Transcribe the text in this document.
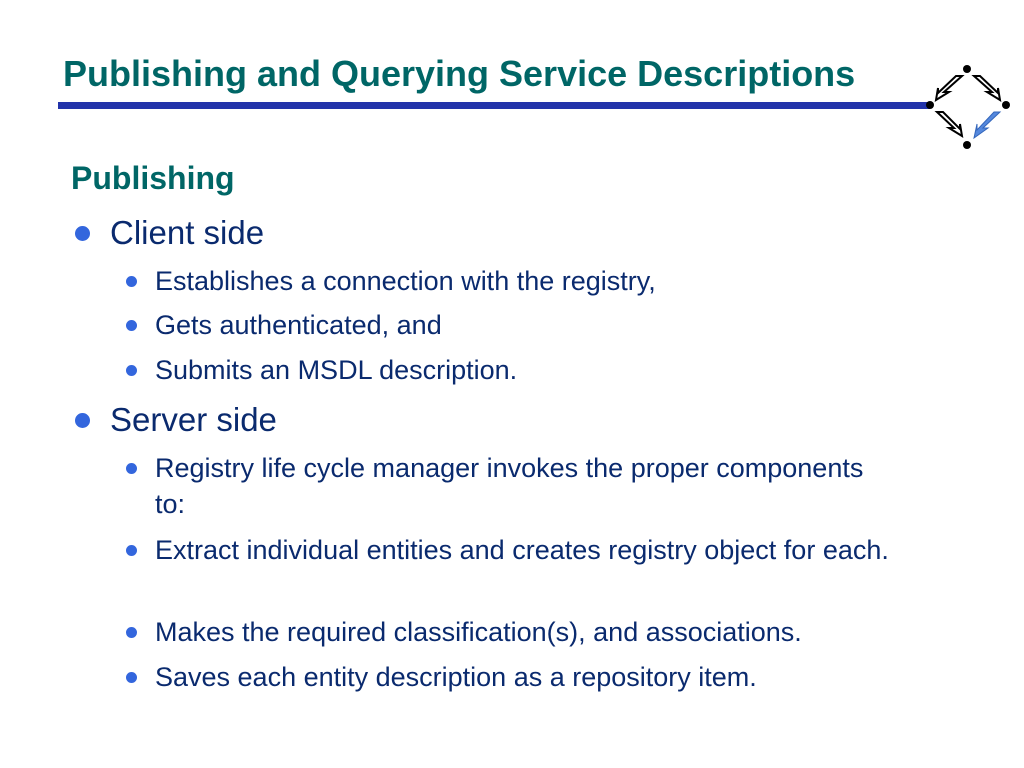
Publishing and Querying Service Descriptions
Publishing
Client side
Establishes a connection with the registry,
Gets authenticated, and
Submits an MSDL description.
Server side
Registry life cycle manager invokes the proper components to:
Extract individual entities and creates registry object for each.
Makes the required classification(s), and associations.
Saves each entity description as a repository item.
